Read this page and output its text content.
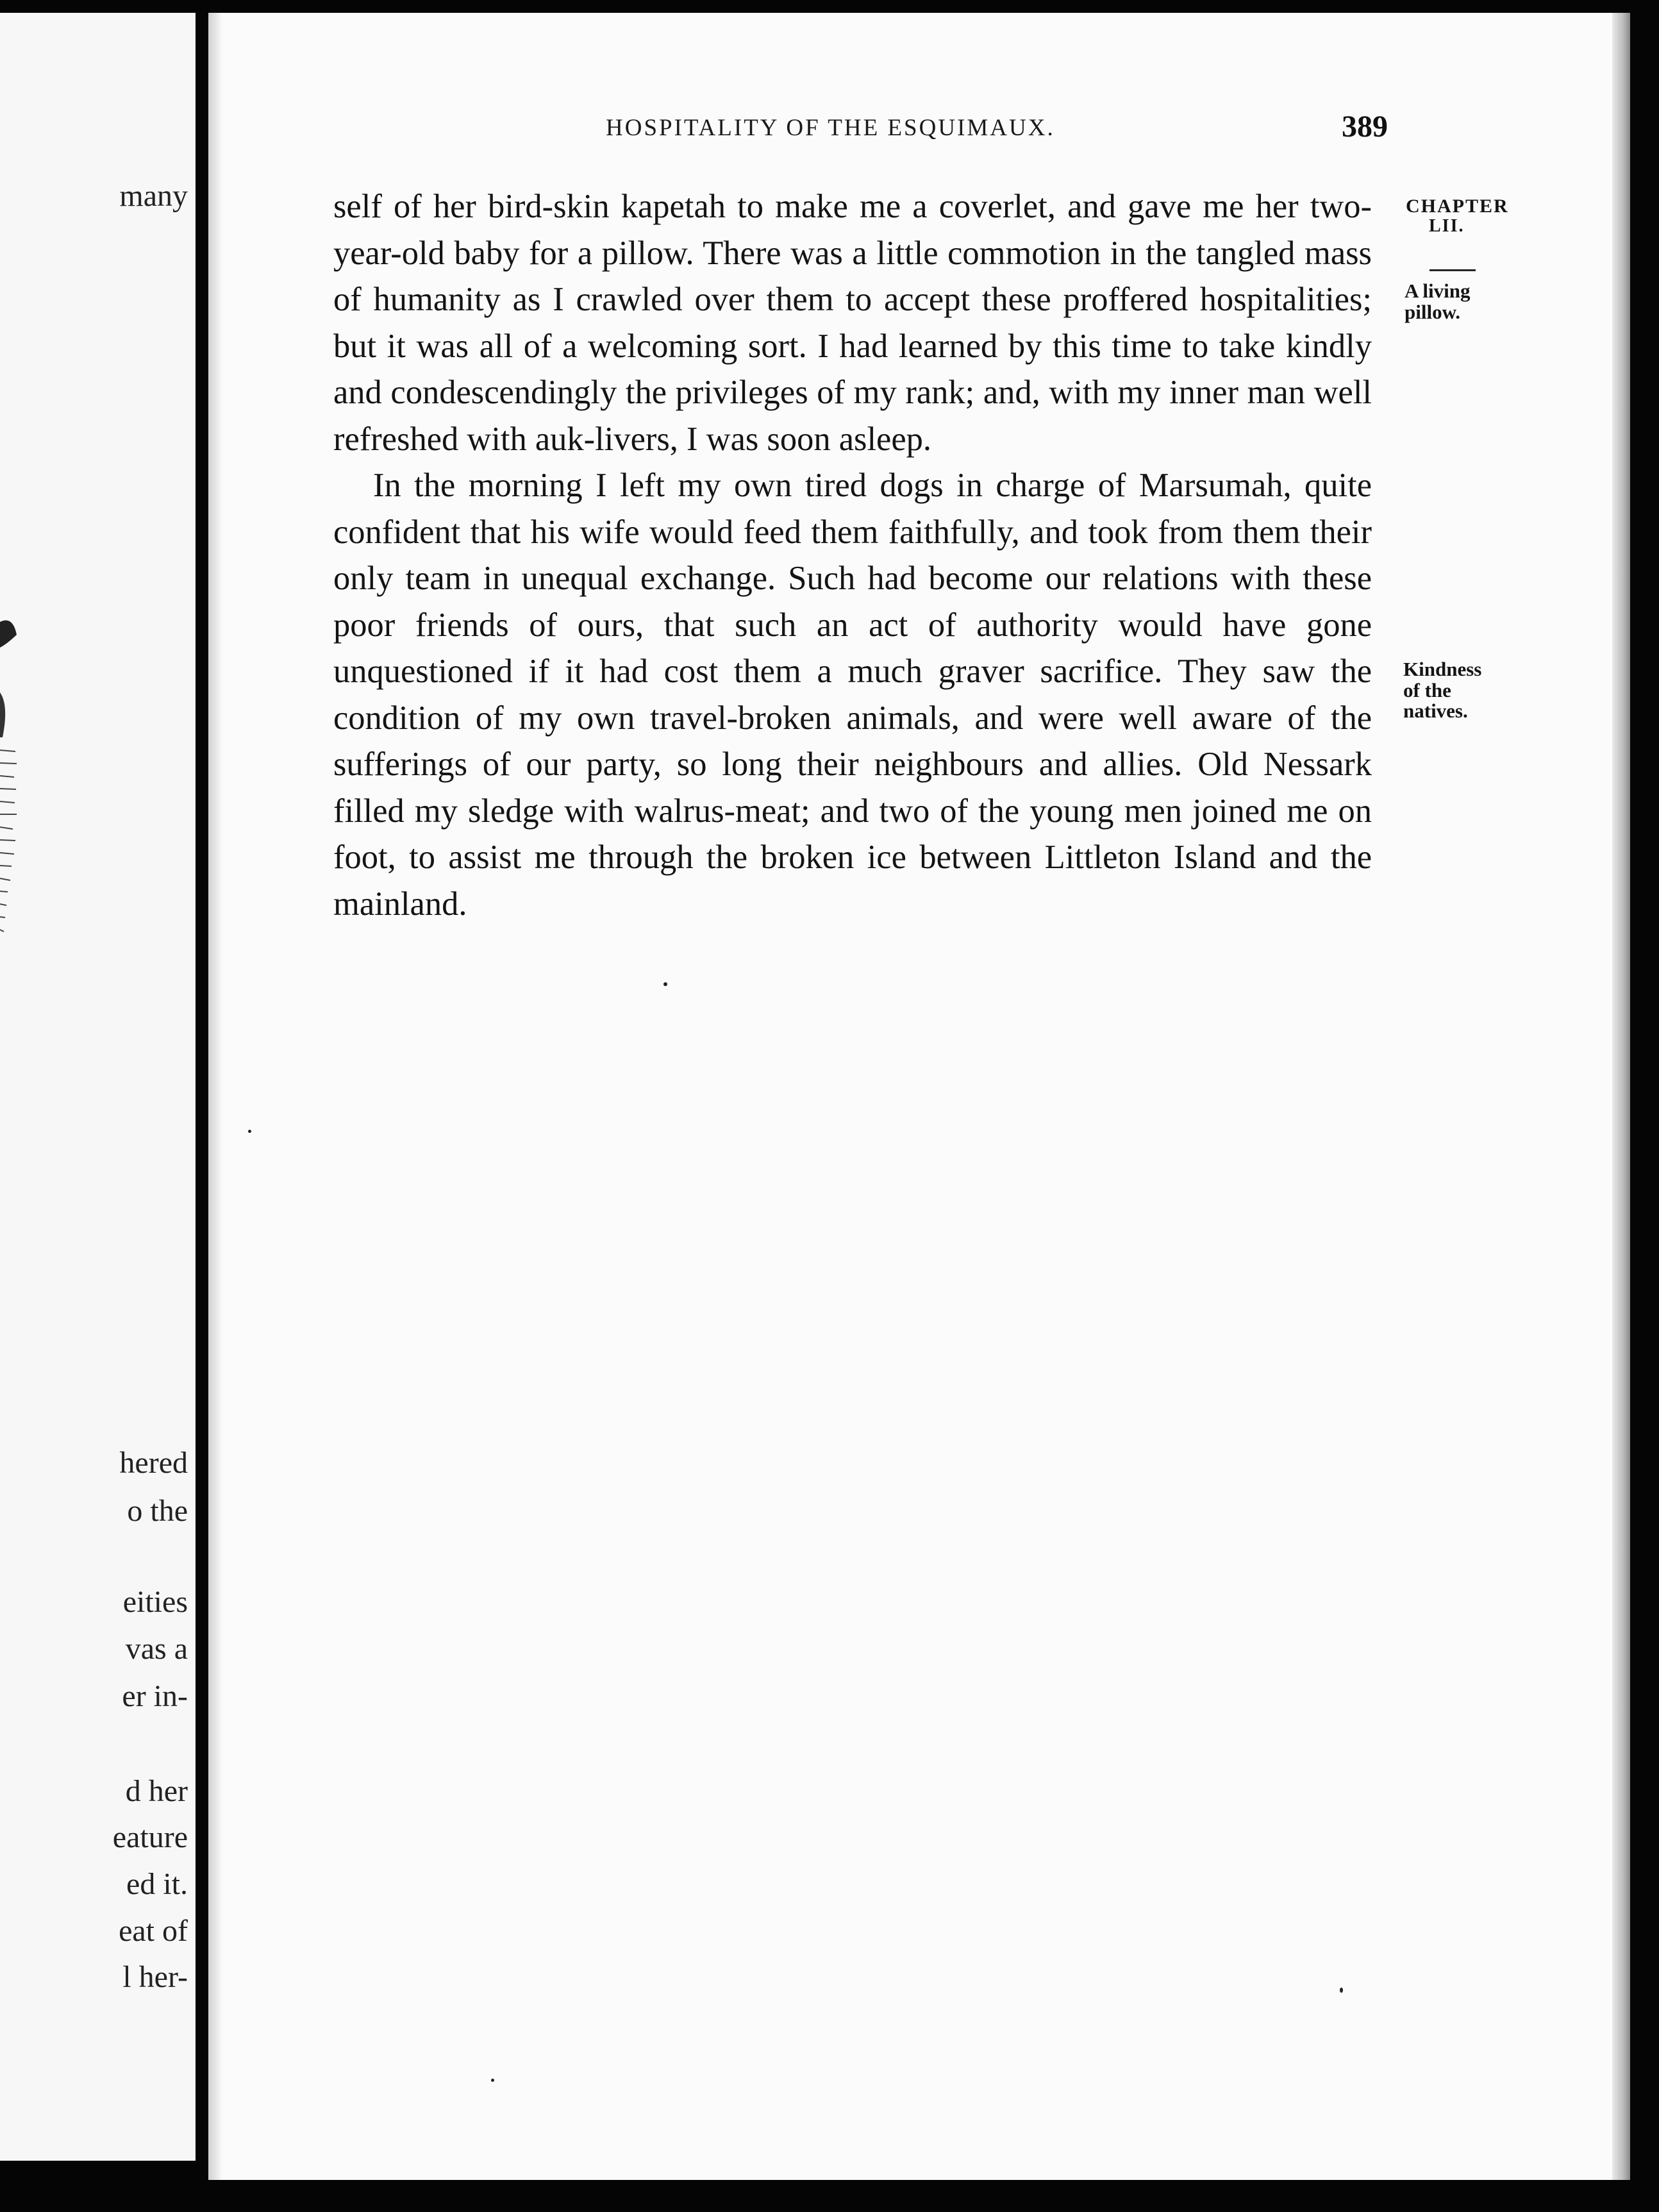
many

hered

o the

eities

vas a

er in-

d her

eature

ed it.

eat of

l her-

HOSPITALITY OF THE ESQUIMAUX.	389

self of her bird-skin kapetah to make me a coverlet, and gave me her two-year-old baby for a pillow. There was a little commotion in the tangled mass of humanity as I crawled over them to accept these proffered hospitalities; but it was all of a welcoming sort. I had learned by this time to take kindly and condescendingly the privileges of my rank; and, with my inner man well refreshed with auk-livers, I was soon asleep.

In the morning I left my own tired dogs in charge of Marsumah, quite confident that his wife would feed them faithfully, and took from them their only team in unequal exchange. Such had become our relations with these poor friends of ours, that such an act of authority would have gone unquestioned if it had cost them a much graver sacrifice. They saw the condition of my own travel-broken animals, and were well aware of the sufferings of our party, so long their neighbours and allies. Old Nessark filled my sledge with walrus-meat; and two of the young men joined me on foot, to assist me through the broken ice between Littleton Island and the mainland.

CHAPTER
LII.
A living
pillow.
Kindness
of the
natives.
